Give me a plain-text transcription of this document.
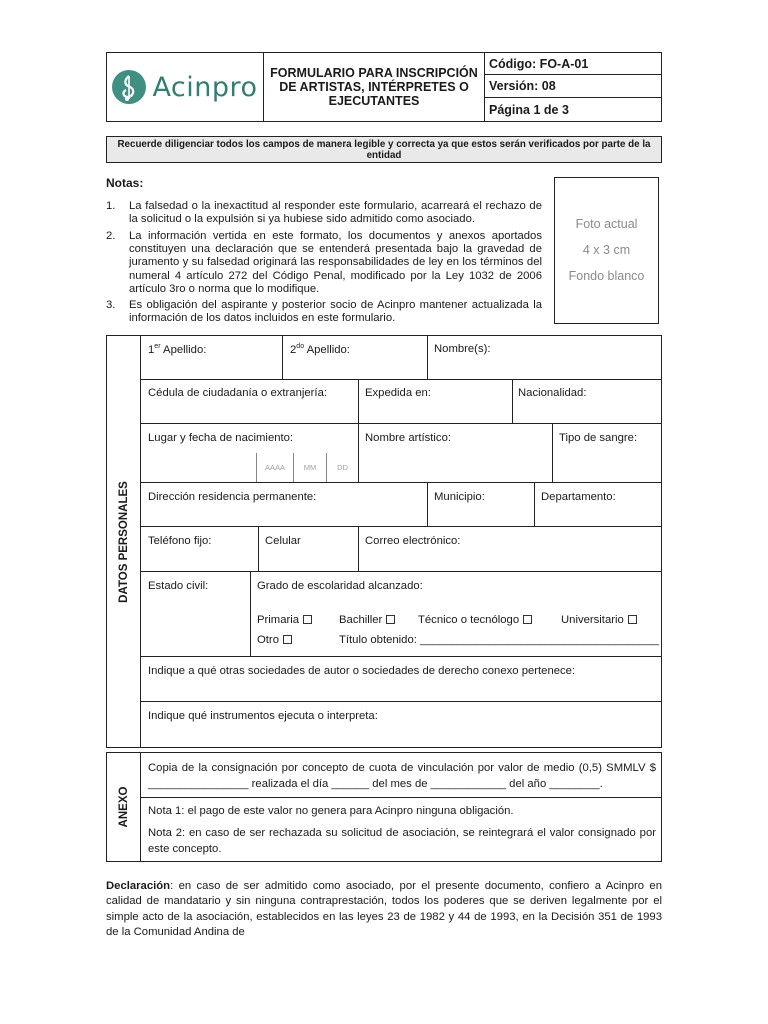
Acinpro	FORMULARIO PARA INSCRIPCIÓN DE ARTISTAS, INTÉRPRETES O EJECUTANTES
Código: FO-A-01
Versión: 08
Página 1 de 3
Recuerde diligenciar todos los campos de manera legible y correcta ya que estos serán verificados por parte de la entidad
Notas:
1. La falsedad o la inexactitud al responder este formulario, acarreará el rechazo de la solicitud o la expulsión si ya hubiese sido admitido como asociado.
2. La información vertida en este formato, los documentos y anexos aportados constituyen una declaración que se entenderá presentada bajo la gravedad de juramento y su falsedad originará las responsabilidades de ley en los términos del numeral 4 artículo 272 del Código Penal, modificado por la Ley 1032 de 2006 artículo 3ro o norma que lo modifique.
3. Es obligación del aspirante y posterior socio de Acinpro mantener actualizada la información de los datos incluidos en este formulario.
Foto actual
4 x 3 cm
Fondo blanco
DATOS PERSONALES
1er Apellido:	$2^{do}$ Apellido:	Nombre(s):
Cédula de ciudadanía o extranjería:	Expedida en:	Nacionalidad:
Lugar y fecha de nacimiento:	Nombre artístico:	Tipo de sangre:
AAAA	MM	DD
Dirección residencia permanente:	Municipio:	Departamento:
Teléfono fijo:	Celular	Correo electrónico:
Estado civil:	Grado de escolaridad alcanzado:
Primaria	Bachiller	Técnico o tecnólogo	Universitario
Otro	Título obtenido: ______________________________________
Indique a qué otras sociedades de autor o sociedades de derecho conexo pertenece:
Indique qué instrumentos ejecuta o interpreta:
ANEXO
Copia de la consignación por concepto de cuota de vinculación por valor de medio (0,5) SMMLV $ ________________ realizada el día ______ del mes de ____________ del año ________.
Nota 1: el pago de este valor no genera para Acinpro ninguna obligación.
Nota 2: en caso de ser rechazada su solicitud de asociación, se reintegrará el valor consignado por este concepto.
Declaración: en caso de ser admitido como asociado, por el presente documento, confiero a Acinpro en calidad de mandatario y sin ninguna contraprestación, todos los poderes que se deriven legalmente por el simple acto de la asociación, establecidos en las leyes 23 de 1982 y 44 de 1993, en la Decisión 351 de 1993 de la Comunidad Andina de
